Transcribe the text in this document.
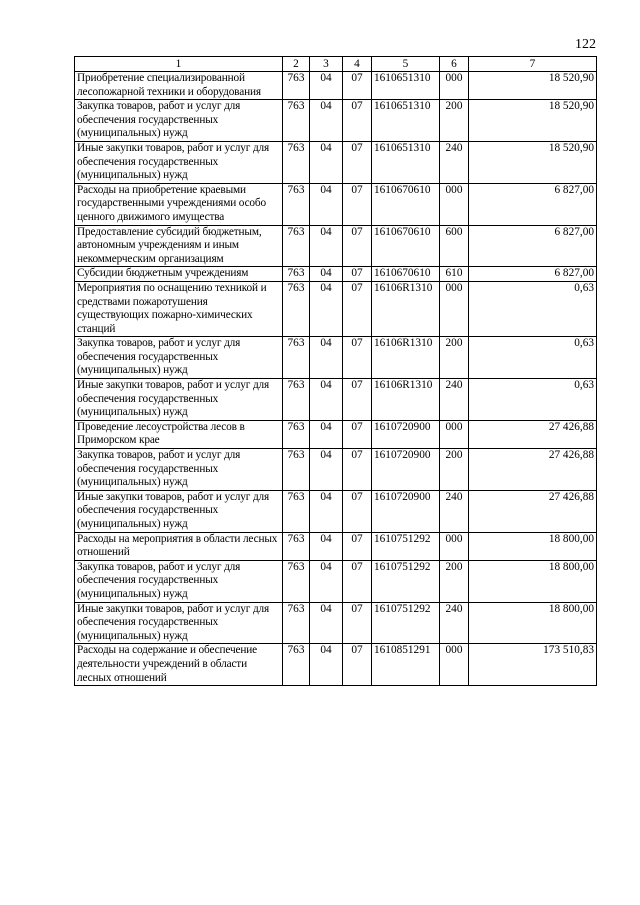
122
1	2	3	4	5	6	7
Приобретение специализированной лесопожарной техники и оборудования	763	04	07	1610651310	000	18 520,90
Закупка товаров, работ и услуг для обеспечения государственных (муниципальных) нужд	763	04	07	1610651310	200	18 520,90
Иные закупки товаров, работ и услуг для обеспечения государственных (муниципальных) нужд	763	04	07	1610651310	240	18 520,90
Расходы на приобретение краевыми государственными учреждениями особо ценного движимого имущества	763	04	07	1610670610	000	6 827,00
Предоставление субсидий бюджетным, автономным учреждениям и иным некоммерческим организациям	763	04	07	1610670610	600	6 827,00
Субсидии бюджетным учреждениям	763	04	07	1610670610	610	6 827,00
Мероприятия по оснащению техникой и средствами пожаротушения существующих пожарно-химических станций	763	04	07	16106R1310	000	0,63
Закупка товаров, работ и услуг для обеспечения государственных (муниципальных) нужд	763	04	07	16106R1310	200	0,63
Иные закупки товаров, работ и услуг для обеспечения государственных (муниципальных) нужд	763	04	07	16106R1310	240	0,63
Проведение лесоустройства лесов в Приморском крае	763	04	07	1610720900	000	27 426,88
Закупка товаров, работ и услуг для обеспечения государственных (муниципальных) нужд	763	04	07	1610720900	200	27 426,88
Иные закупки товаров, работ и услуг для обеспечения государственных (муниципальных) нужд	763	04	07	1610720900	240	27 426,88
Расходы на мероприятия в области лесных отношений	763	04	07	1610751292	000	18 800,00
Закупка товаров, работ и услуг для обеспечения государственных (муниципальных) нужд	763	04	07	1610751292	200	18 800,00
Иные закупки товаров, работ и услуг для обеспечения государственных (муниципальных) нужд	763	04	07	1610751292	240	18 800,00
Расходы на содержание и обеспечение деятельности учреждений в области лесных отношений	763	04	07	1610851291	000	173 510,83
